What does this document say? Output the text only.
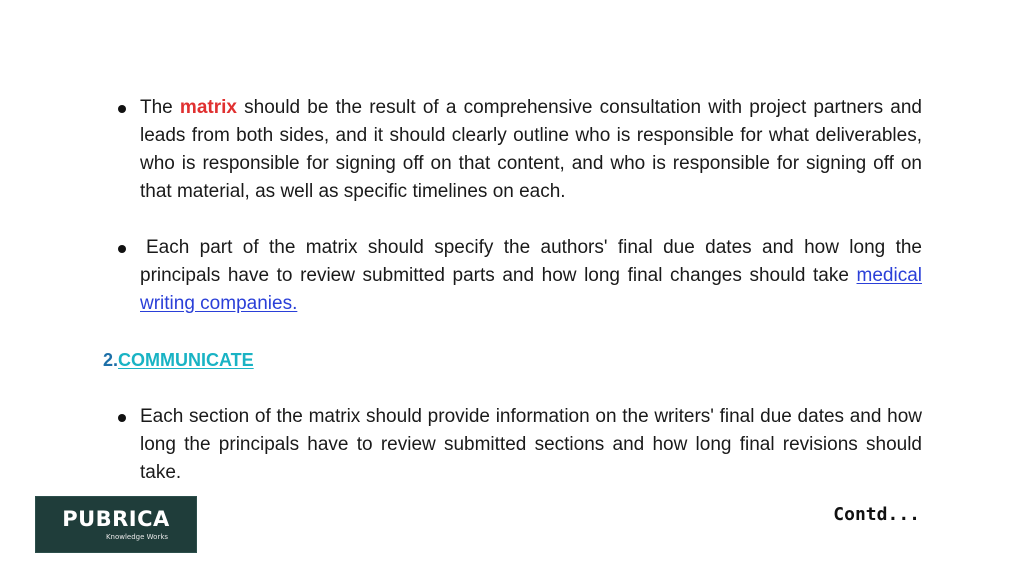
The matrix should be the result of a comprehensive consultation with project partners and leads from both sides, and it should clearly outline who is responsible for what deliverables, who is responsible for signing off on that content, and who is responsible for signing off on that material, as well as specific timelines on each.
Each part of the matrix should specify the authors' final due dates and how long the principals have to review submitted parts and how long final changes should take medical writing companies.
2.COMMUNICATE
Each section of the matrix should provide information on the writers' final due dates and how long the principals have to review submitted sections and how long final revisions should take.
PUBRICA
Knowledge Works
Contd...
